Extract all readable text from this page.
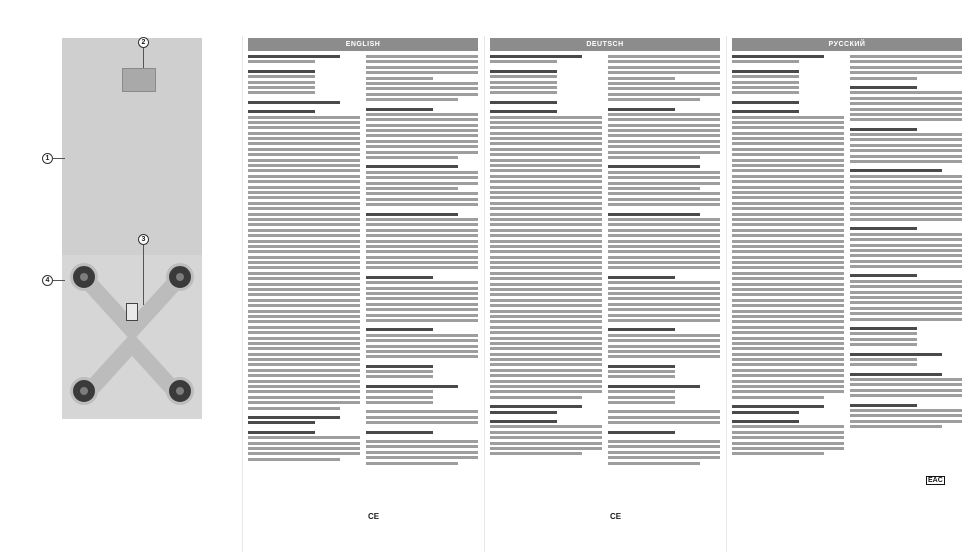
2
1
3
4
ENGLISH
CE
DEUTSCH
CE
РУССКИЙ
EAC
